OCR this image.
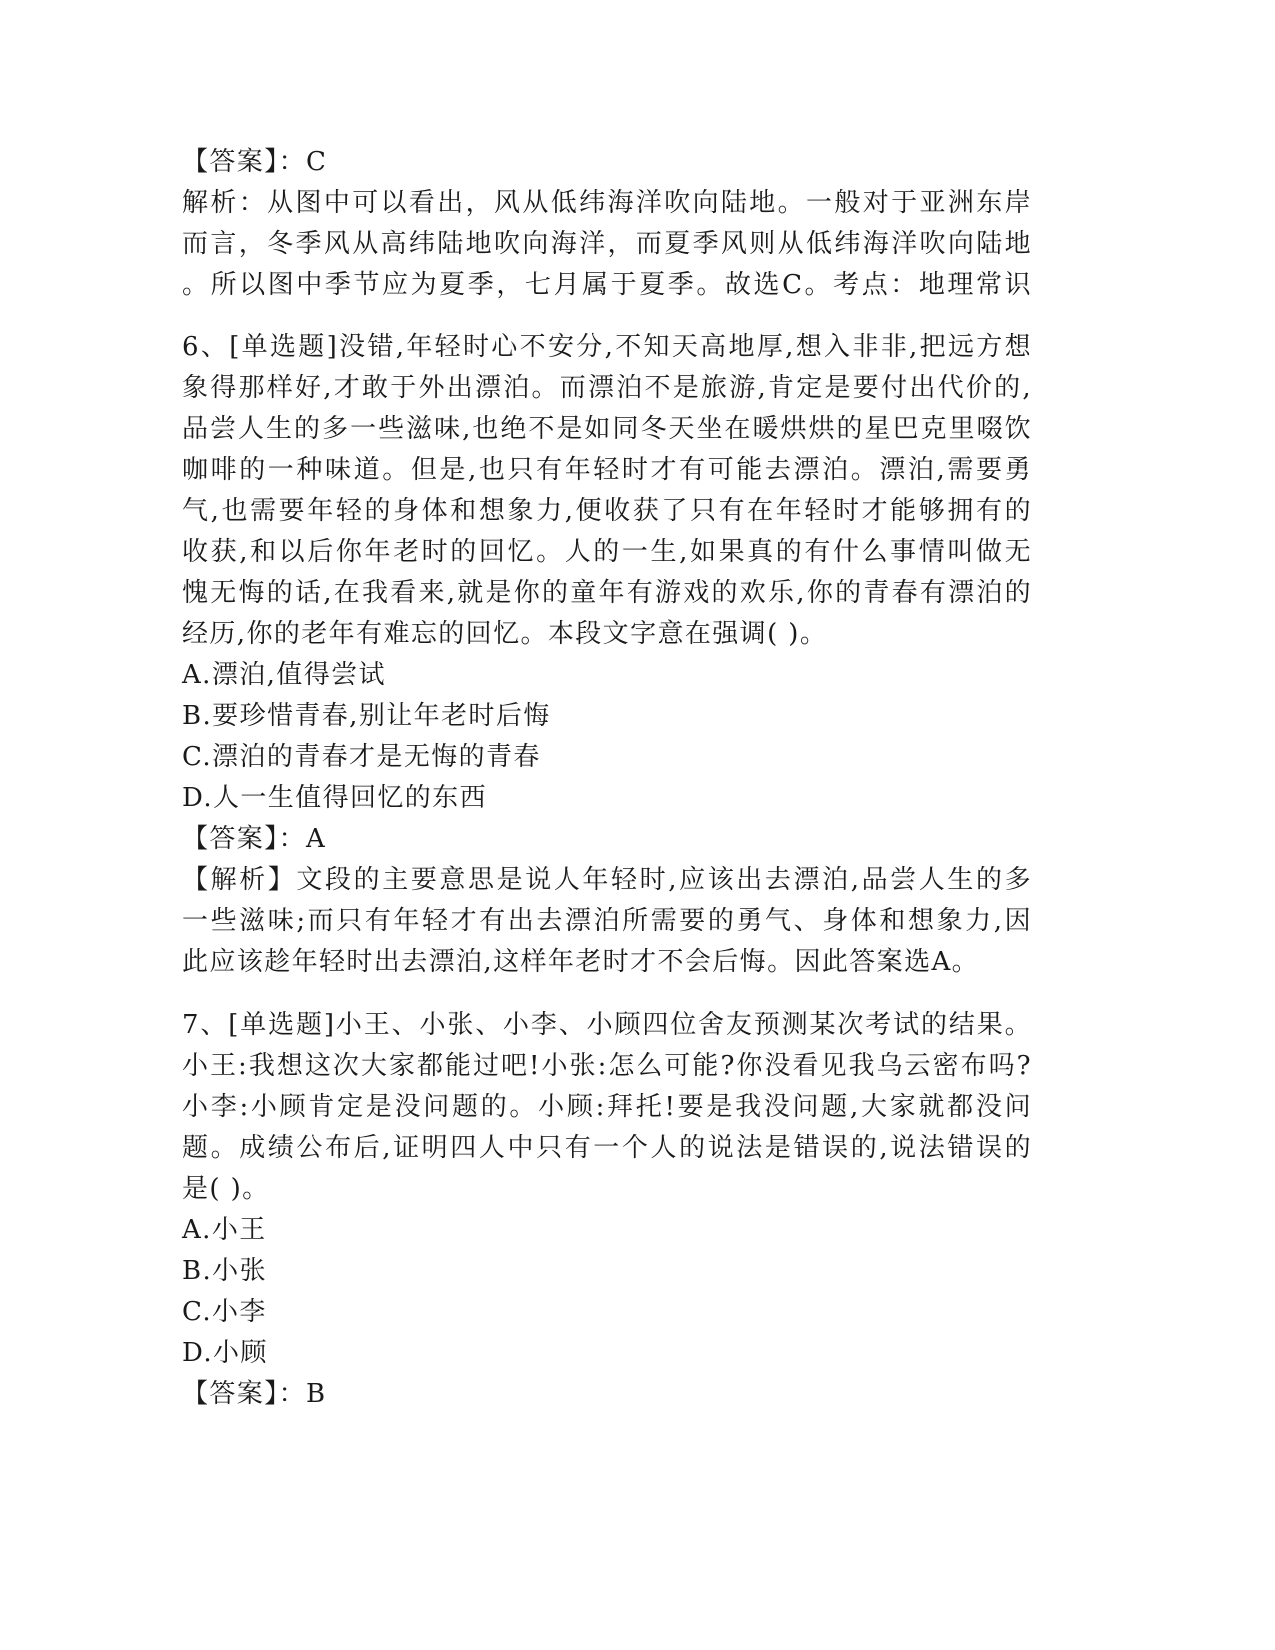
【答案】：C
解析：从图中可以看出，风从低纬海洋吹向陆地。一般对于亚洲东岸
而言，冬季风从高纬陆地吹向海洋，而夏季风则从低纬海洋吹向陆地
。所以图中季节应为夏季，七月属于夏季。故选C。考点：地理常识
6、[单选题]没错,年轻时心不安分,不知天高地厚,想入非非,把远方想
象得那样好,才敢于外出漂泊。而漂泊不是旅游,肯定是要付出代价的,
品尝人生的多一些滋味,也绝不是如同冬天坐在暖烘烘的星巴克里啜饮
咖啡的一种味道。但是,也只有年轻时才有可能去漂泊。漂泊,需要勇
气,也需要年轻的身体和想象力,便收获了只有在年轻时才能够拥有的
收获,和以后你年老时的回忆。人的一生,如果真的有什么事情叫做无
愧无悔的话,在我看来,就是你的童年有游戏的欢乐,你的青春有漂泊的
经历,你的老年有难忘的回忆。本段文字意在强调( )。
A.漂泊,值得尝试
B.要珍惜青春,别让年老时后悔
C.漂泊的青春才是无悔的青春
D.人一生值得回忆的东西
【答案】：A
【解析】文段的主要意思是说人年轻时,应该出去漂泊,品尝人生的多
一些滋味;而只有年轻才有出去漂泊所需要的勇气、身体和想象力,因
此应该趁年轻时出去漂泊,这样年老时才不会后悔。因此答案选A。
7、[单选题]小王、小张、小李、小顾四位舍友预测某次考试的结果。
小王:我想这次大家都能过吧!小张:怎么可能?你没看见我乌云密布吗?
小李:小顾肯定是没问题的。小顾:拜托!要是我没问题,大家就都没问
题。成绩公布后,证明四人中只有一个人的说法是错误的,说法错误的
是( )。
A.小王
B.小张
C.小李
D.小顾
【答案】：B
